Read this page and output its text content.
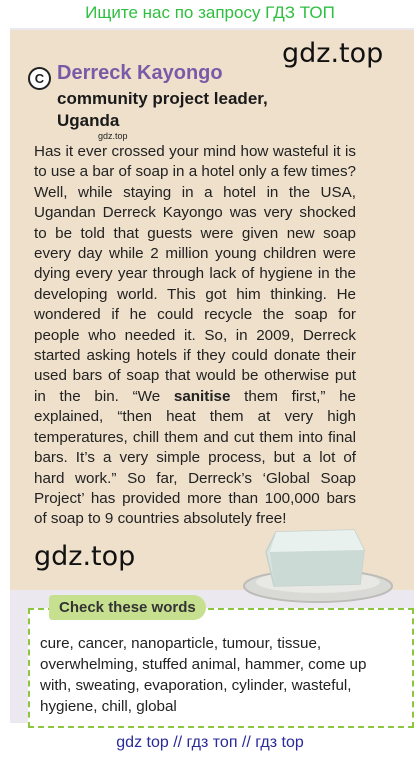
Ищите нас по запросу ГДЗ ТОП
gdz.top
C Derreck Kayongo
community project leader, Uganda
gdz.top
Has it ever crossed your mind how wasteful it is to use a bar of soap in a hotel only a few times? Well, while staying in a hotel in the USA, Ugandan Derreck Kayongo was very shocked to be told that guests were given new soap every day while 2 million young children were dying every year through lack of hygiene in the developing world. This got him thinking. He wondered if he could recycle the soap for people who needed it. So, in 2009, Derreck started asking hotels if they could donate their used bars of soap that would be otherwise put in the bin. “We sanitise them first,” he explained, “then heat them at very high temperatures, chill them and cut them into final bars. It’s a very simple process, but a lot of hard work.” So far, Derreck’s ‘Global Soap Project’ has provided more than 100,000 bars of soap to 9 countries absolutely free!
gdz.top
Check these words
cure, cancer, nanoparticle, tumour, tissue, overwhelming, stuffed animal, hammer, come up with, sweating, evaporation, cylinder, wasteful, hygiene, chill, global
gdz top // гдз топ // гдз top
